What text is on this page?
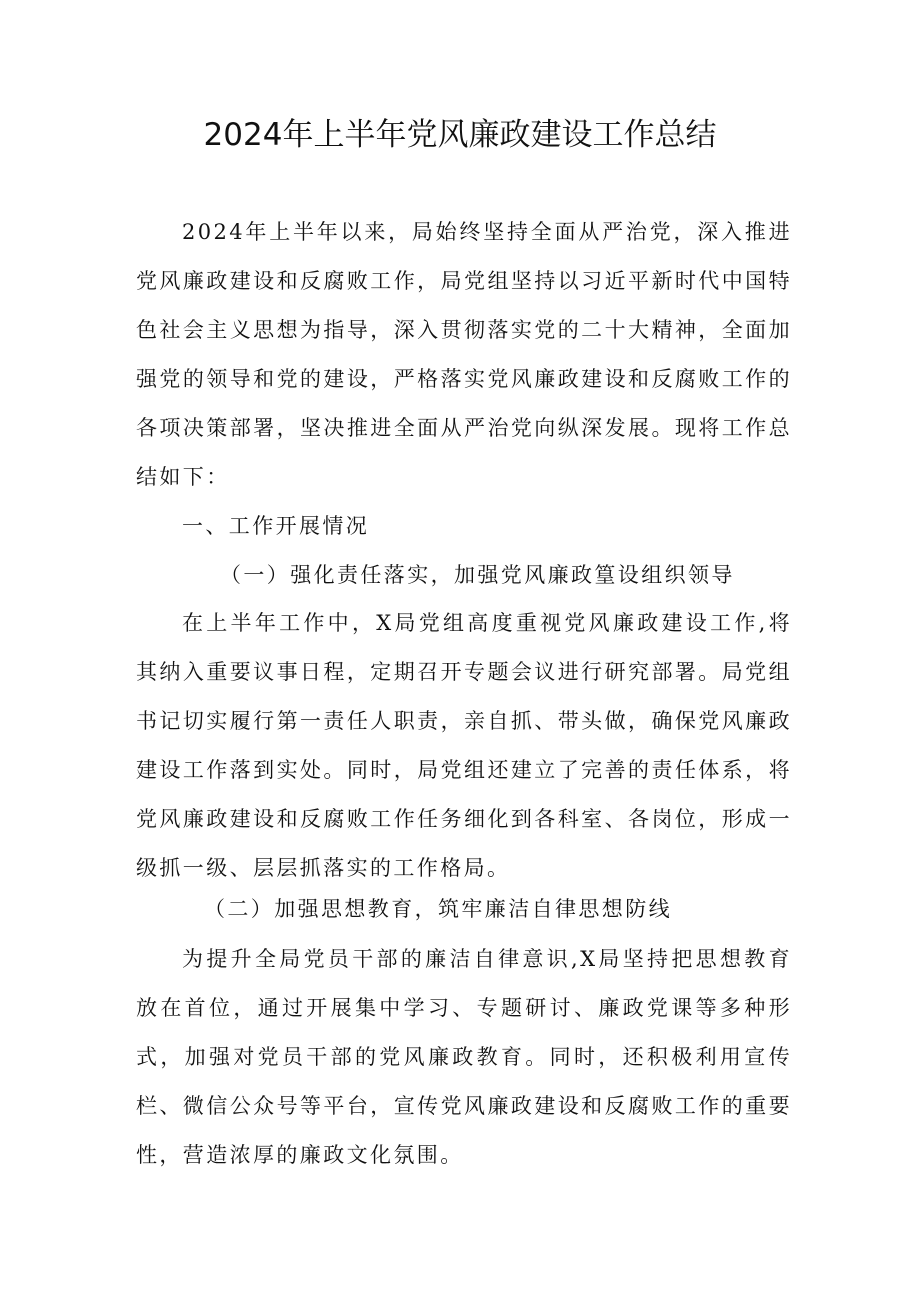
2024年上半年党风廉政建设工作总结

2024年上半年以来，局始终坚持全面从严治党，深入推进党风廉政建设和反腐败工作，局党组坚持以习近平新时代中国特色社会主义思想为指导，深入贯彻落实党的二十大精神，全面加强党的领导和党的建设，严格落实党风廉政建设和反腐败工作的各项决策部署，坚决推进全面从严治党向纵深发展。现将工作总结如下：

一、工作开展情况

（一）强化责任落实，加强党风廉政篁设组织领导

在上半年工作中，X局党组高度重视党风廉政建设工作,将其纳入重要议事日程，定期召开专题会议进行研究部署。局党组书记切实履行第一责任人职责，亲自抓、带头做，确保党风廉政建设工作落到实处。同时，局党组还建立了完善的责任体系，将党风廉政建设和反腐败工作任务细化到各科室、各岗位，形成一级抓一级、层层抓落实的工作格局。

（二）加强思想教育，筑牢廉洁自律思想防线

为提升全局党员干部的廉洁自律意识,X局坚持把思想教育放在首位，通过开展集中学习、专题研讨、廉政党课等多种形式，加强对党员干部的党风廉政教育。同时，还积极利用宣传栏、微信公众号等平台，宣传党风廉政建设和反腐败工作的重要性，营造浓厚的廉政文化氛围。
